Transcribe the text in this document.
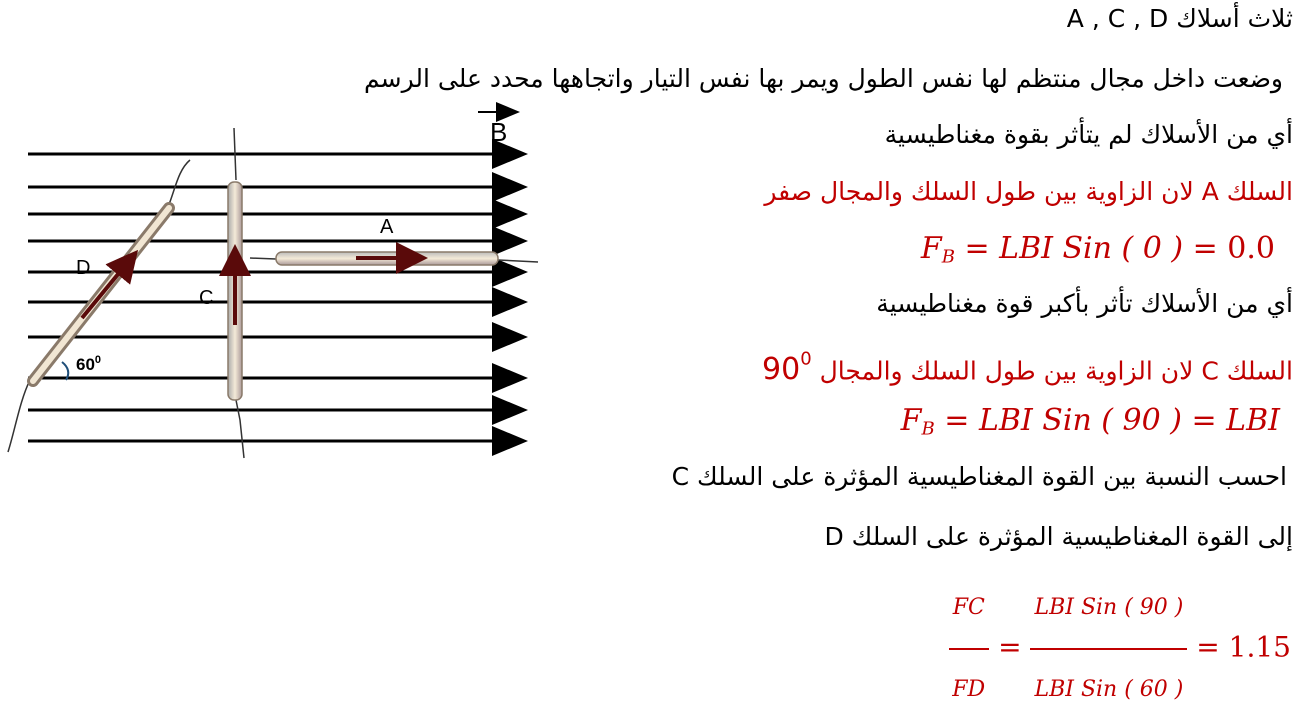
B
D
$60^0$
C
A
ثلاث أسلاك A , C , D
وضعت داخل مجال منتظم لها نفس الطول ويمر بها نفس التيار واتجاهها محدد على الرسم
أي من الأسلاك لم يتأثر بقوة مغناطيسية
السلك A لان الزاوية بين طول السلك والمجال صفر
$F_B$ = LBI Sin ( 0 ) = 0.0
أي من الأسلاك تأثر بأكبر قوة مغناطيسية
السلك C لان الزاوية بين طول السلك والمجال $90^0$
$F_B$ = LBI Sin ( 90 ) = LBI
احسب النسبة بين القوة المغناطيسية المؤثرة على السلك C
إلى القوة المغناطيسية المؤثرة على السلك D
$\frac{FC}{FD} = \frac{\text{LBI Sin ( 90 )}}{\text{LBI Sin ( 60 )}} = 1.15$
